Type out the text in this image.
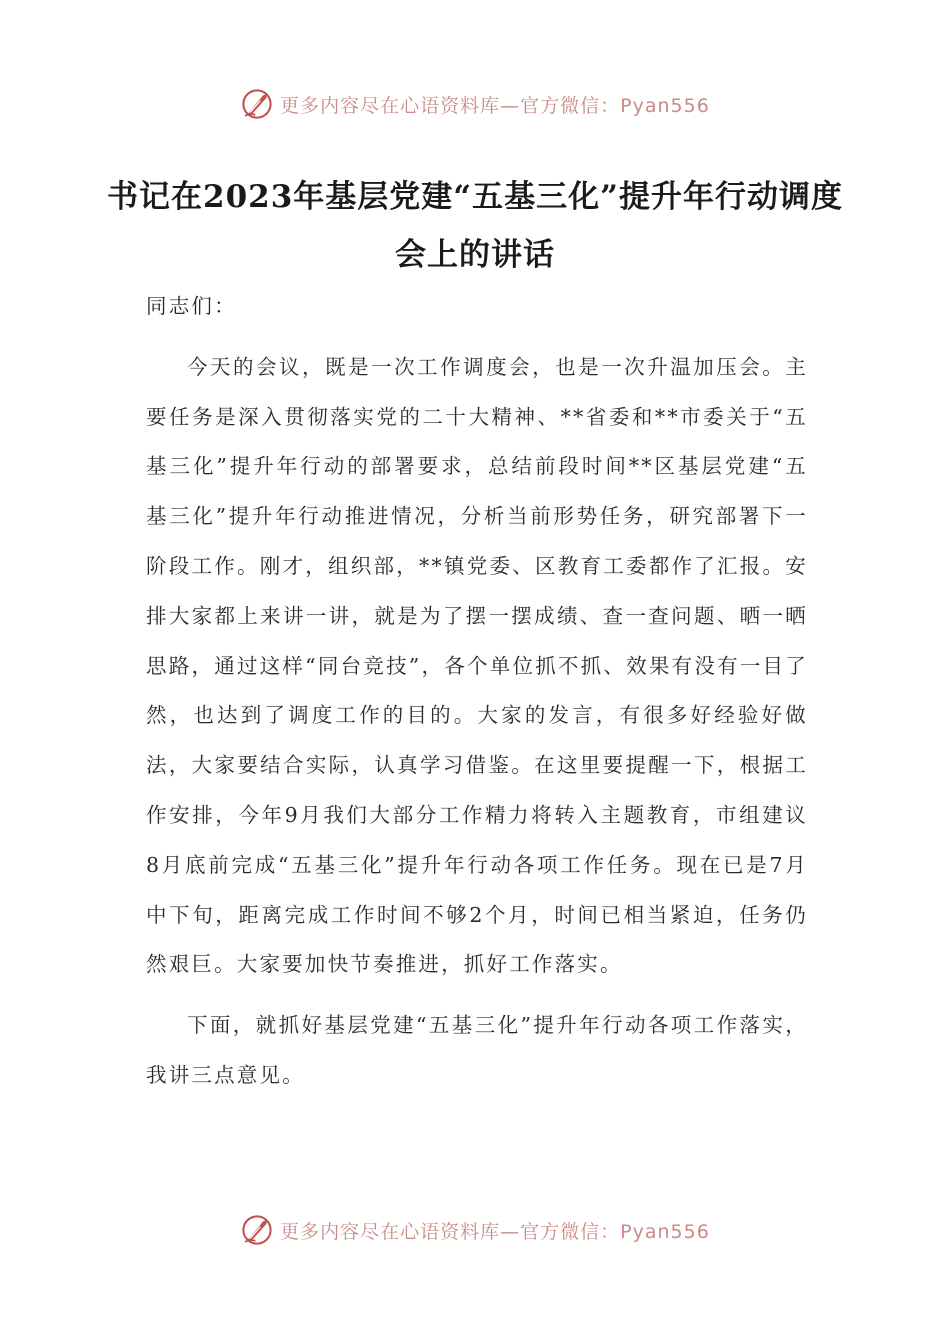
更多内容尽在心语资料库—官方微信：Pyan556
书记在2023年基层党建“五基三化”提升年行动调度会上的讲话

同志们：

今天的会议，既是一次工作调度会，也是一次升温加压会。主要任务是深入贯彻落实党的二十大精神、**省委和**市委关于“五基三化”提升年行动的部署要求，总结前段时间**区基层党建“五基三化”提升年行动推进情况，分析当前形势任务，研究部署下一阶段工作。刚才，组织部，**镇党委、区教育工委都作了汇报。安排大家都上来讲一讲，就是为了摆一摆成绩、查一查问题、晒一晒思路，通过这样“同台竞技”，各个单位抓不抓、效果有没有一目了然，也达到了调度工作的目的。大家的发言，有很多好经验好做法，大家要结合实际，认真学习借鉴。在这里要提醒一下，根据工作安排，今年9月我们大部分工作精力将转入主题教育，市组建议8月底前完成“五基三化”提升年行动各项工作任务。现在已是7月中下旬，距离完成工作时间不够2个月，时间已相当紧迫，任务仍然艰巨。大家要加快节奏推进，抓好工作落实。

下面，就抓好基层党建“五基三化”提升年行动各项工作落实，我讲三点意见。

更多内容尽在心语资料库—官方微信：Pyan556
